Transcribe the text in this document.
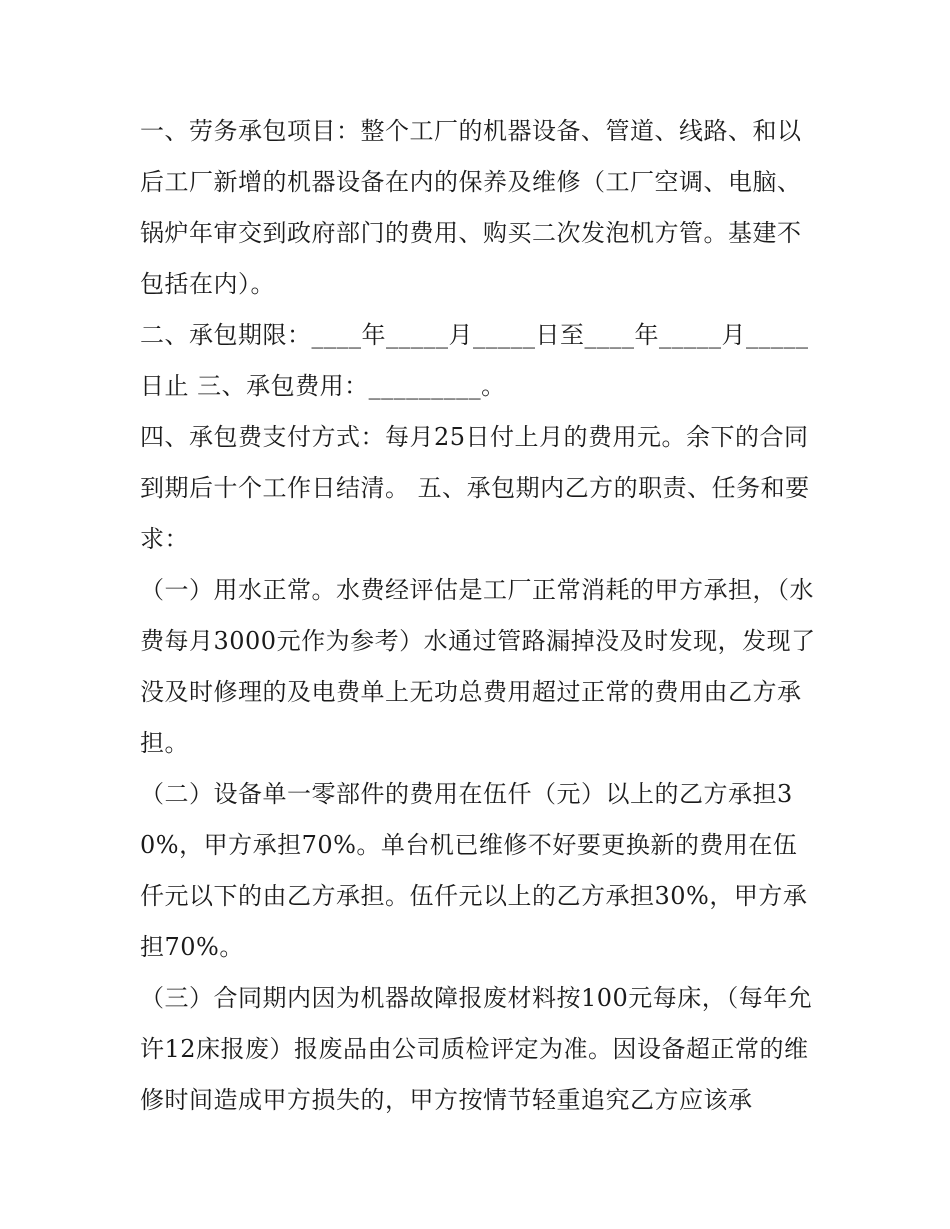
一、劳务承包项目：整个工厂的机器设备、管道、线路、和以后工厂新增的机器设备在内的保养及维修（工厂空调、电脑、锅炉年审交到政府部门的费用、购买二次发泡机方管。基建不包括在内）。

二、承包期限：____年_____月_____日至____年_____月_____日止 三、承包费用：_________。

四、承包费支付方式：每月25日付上月的费用元。余下的合同到期后十个工作日结清。 五、承包期内乙方的职责、任务和要求：

（一）用水正常。水费经评估是工厂正常消耗的甲方承担，（水费每月3000元作为参考）水通过管路漏掉没及时发现，发现了没及时修理的及电费单上无功总费用超过正常的费用由乙方承担。

（二）设备单一零部件的费用在伍仟（元）以上的乙方承担30%，甲方承担70%。单台机已维修不好要更换新的费用在伍仟元以下的由乙方承担。伍仟元以上的乙方承担30%，甲方承担70%。

（三）合同期内因为机器故障报废材料按100元每床，（每年允许12床报废）报废品由公司质检评定为准。因设备超正常的维修时间造成甲方损失的，甲方按情节轻重追究乙方应该承
